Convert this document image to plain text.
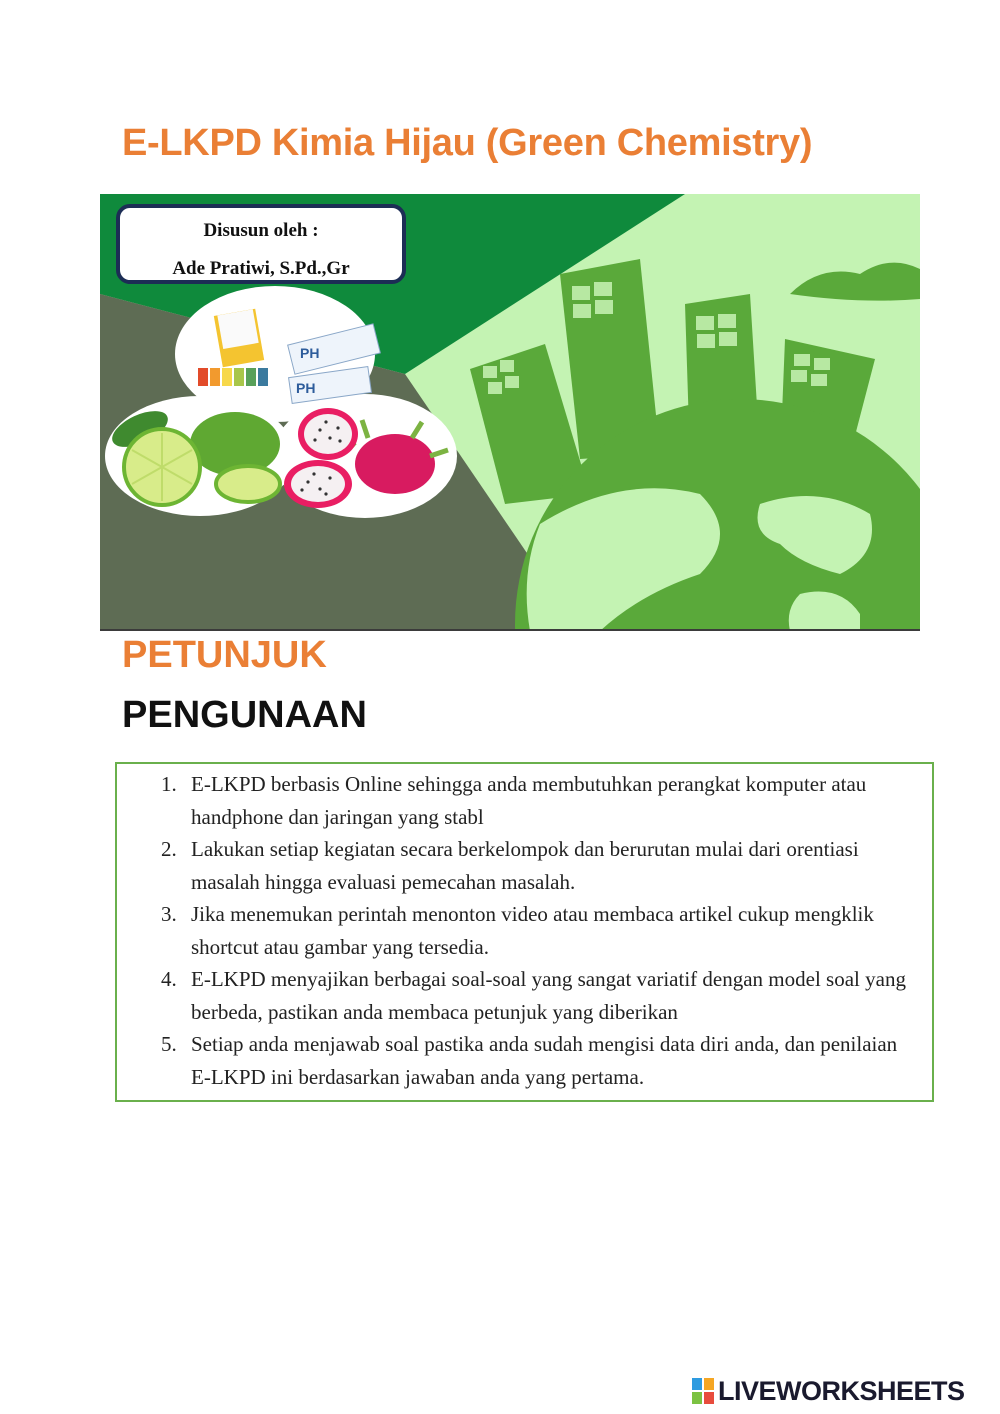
E-LKPD Kimia Hijau (Green Chemistry)
PH
PH
Disusun oleh :
Ade Pratiwi, S.Pd.,Gr
PETUNJUK
PENGUNAAN
1. E-LKPD berbasis Online sehingga anda membutuhkan perangkat komputer atau handphone dan jaringan yang stabl
2. Lakukan setiap kegiatan secara berkelompok dan berurutan mulai dari orentiasi masalah hingga evaluasi pemecahan masalah.
3. Jika menemukan perintah menonton video atau membaca artikel cukup mengklik shortcut atau gambar yang tersedia.
4. E-LKPD menyajikan berbagai soal-soal yang sangat variatif dengan model soal yang berbeda, pastikan anda membaca petunjuk yang diberikan
5. Setiap anda menjawab soal pastika anda sudah mengisi data diri anda, dan penilaian E-LKPD ini berdasarkan jawaban anda yang pertama.
LIVEWORKSHEETS
